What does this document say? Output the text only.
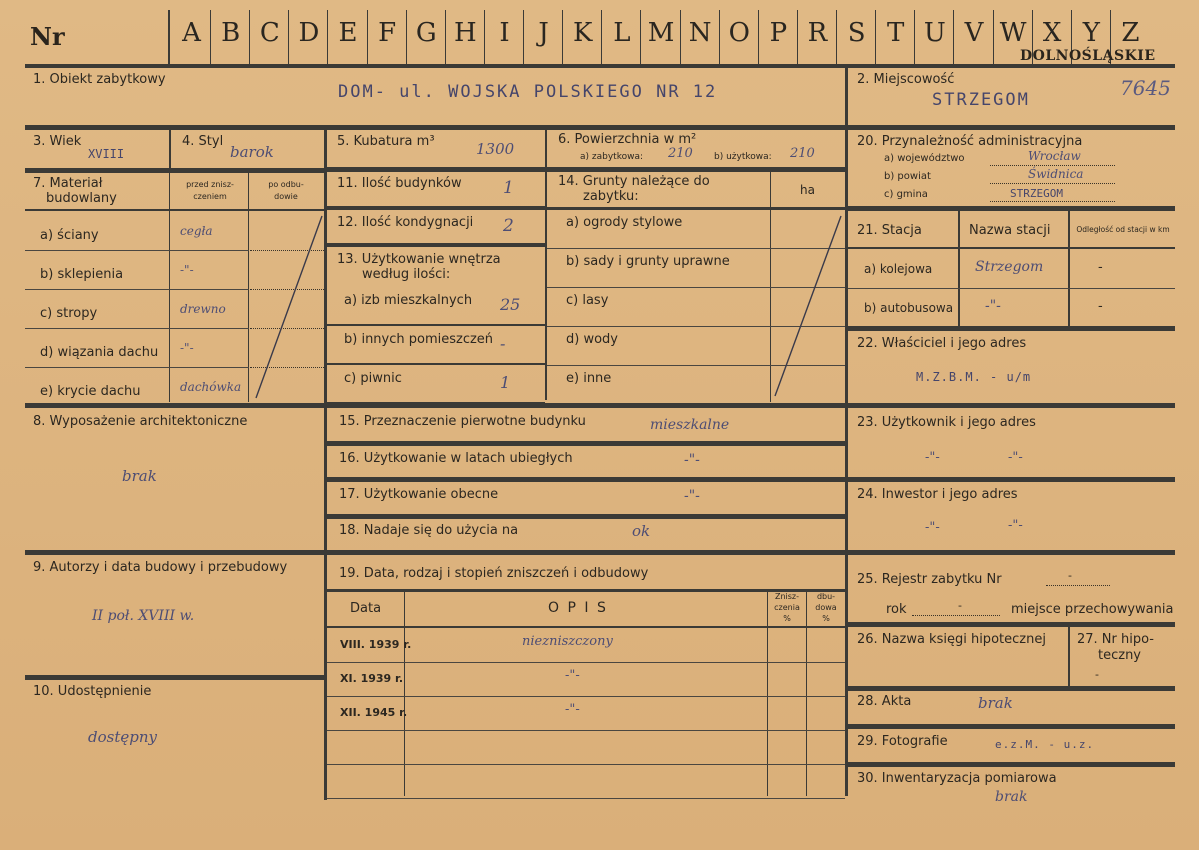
Nr	A B C D E F G H I	J K L M N O P R S T U V W X Y Z
DOLNOŚLĄSKIE
1. Obiekt zabytkowy
DOM- ul. WOJSKA POLSKIEGO NR 12
2. Miejscowość
STRZEGOM	7645
3. Wiek
XVIII
4. Styl
barok
5. Kubatura m³	1300
6. Powierzchnia w m²
a) zabytkowa: 210 b) użytkowa: 210
7. Materiał
budowlany
przed znisz-
czeniem
po odbu-
dowie
a) ściany	cegła
b) sklepienia	-"-
c) stropy	drewno
d) wiązania dachu -"-
e) krycie dachu	dachówka
11. Ilość budynków 1
12. Ilość kondygnacji 2
13. Użytkowanie wnętrza
według ilości:
a) izb mieszkalnych 25
b) innych pomieszczeń -
c) piwnic	1
14. Grunty należące do
zabytku:	ha
a) ogrody stylowe
b) sady i grunty uprawne
c) lasy
d) wody
e) inne
8. Wyposażenie architektoniczne
brak
9. Autorzy i data budowy i przebudowy
II poł. XVIII w.
10. Udostępnienie
dostępny
15. Przeznaczenie pierwotne budynku	mieszkalne
16. Użytkowanie w latach ubiegłych	-"-
17. Użytkowanie obecne	-"-
18. Nadaje się do użycia na	ok
19. Data, rodzaj i stopień zniszczeń i odbudowy
Data	O P I S
Znisz-
czenia
%
dbu-
dowa
%
VIII. 1939 r.	niezniszczony
XI. 1939 r.	-"-
XII. 1945 r.	-"-
20. Przynależność administracyjna
a) województwo	Wrocław
b) powiat	Świdnica
c) gmina	STRZEGOM
21. Stacja	Nazwa stacji	Odległość od stacji w km
a) kolejowa	Strzegom	-
b) autobusowa -"-	-
22. Właściciel i jego adres
M.Z.B.M. - u/m
23. Użytkownik i jego adres
-"-	-"-
24. Inwestor i jego adres
-"-	-"-
25. Rejestr zabytku Nr	-
rok	-	miejsce przechowywania
26. Nazwa księgi hipotecznej 27. Nr hipo-
teczny
-
28. Akta	brak
29. Fotografie	e.z.M. - u.z.
30. Inwentaryzacja pomiarowa
brak
